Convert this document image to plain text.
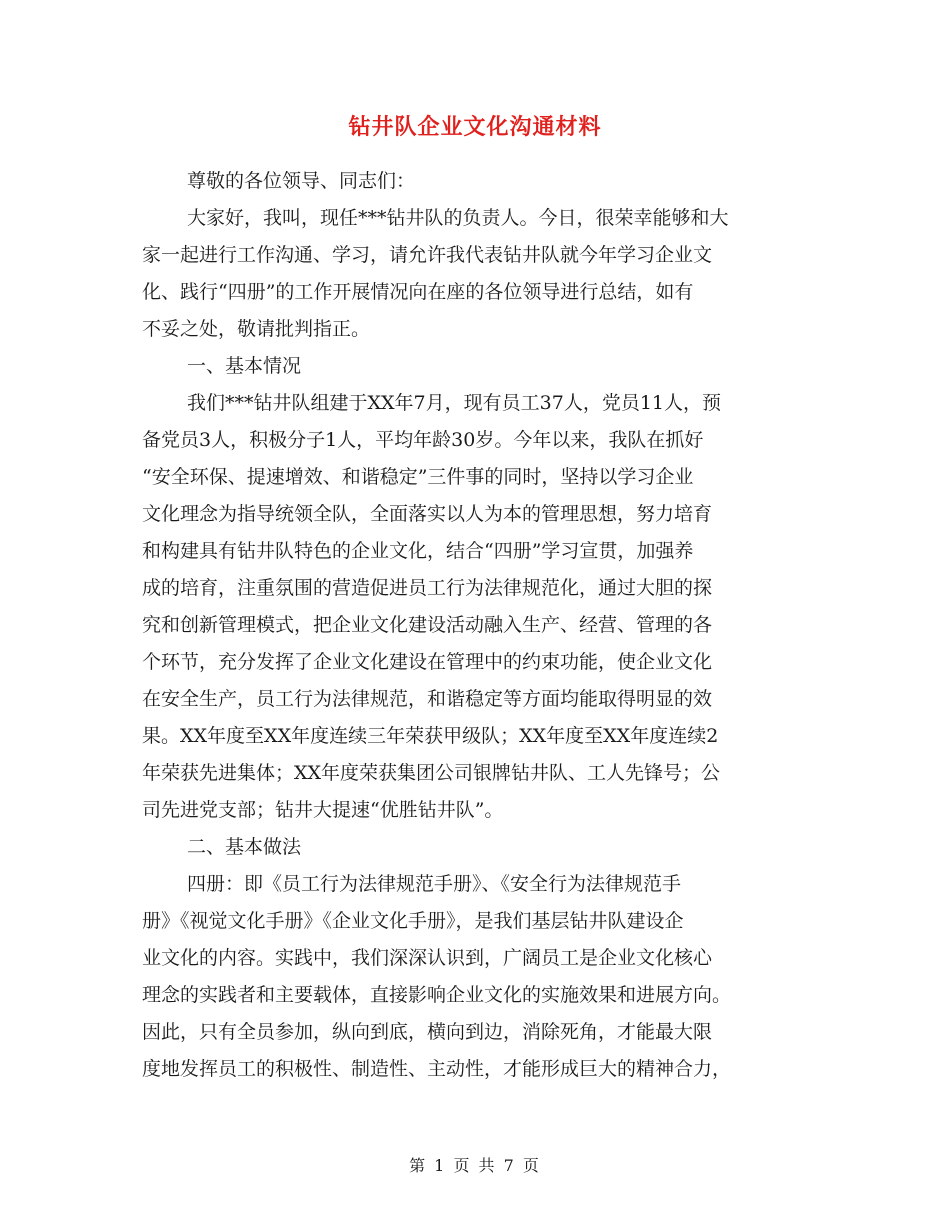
钻井队企业文化沟通材料
尊敬的各位领导、同志们：
大家好，我叫，现任***钻井队的负责人。今日，很荣幸能够和大
家一起进行工作沟通、学习，请允许我代表钻井队就今年学习企业文
化、践行“四册”的工作开展情况向在座的各位领导进行总结，如有
不妥之处，敬请批判指正。
一、基本情况
我们***钻井队组建于XX年7月，现有员工37人，党员11人，预
备党员3人，积极分子1人，平均年龄30岁。今年以来，我队在抓好
“安全环保、提速增效、和谐稳定”三件事的同时，坚持以学习企业
文化理念为指导统领全队，全面落实以人为本的管理思想，努力培育
和构建具有钻井队特色的企业文化，结合“四册”学习宣贯，加强养
成的培育，注重氛围的营造促进员工行为法律规范化，通过大胆的探
究和创新管理模式，把企业文化建设活动融入生产、经营、管理的各
个环节，充分发挥了企业文化建设在管理中的约束功能，使企业文化
在安全生产，员工行为法律规范，和谐稳定等方面均能取得明显的效
果。XX年度至XX年度连续三年荣获甲级队；XX年度至XX年度连续2
年荣获先进集体；XX年度荣获集团公司银牌钻井队、工人先锋号；公
司先进党支部；钻井大提速“优胜钻井队”。
二、基本做法
四册：即《员工行为法律规范手册》、《安全行为法律规范手
册》《视觉文化手册》《企业文化手册》，是我们基层钻井队建设企
业文化的内容。实践中，我们深深认识到，广阔员工是企业文化核心
理念的实践者和主要载体，直接影响企业文化的实施效果和进展方向。
因此，只有全员参加，纵向到底，横向到边，消除死角，才能最大限
度地发挥员工的积极性、制造性、主动性，才能形成巨大的精神合力，
第 1 页 共 7 页
